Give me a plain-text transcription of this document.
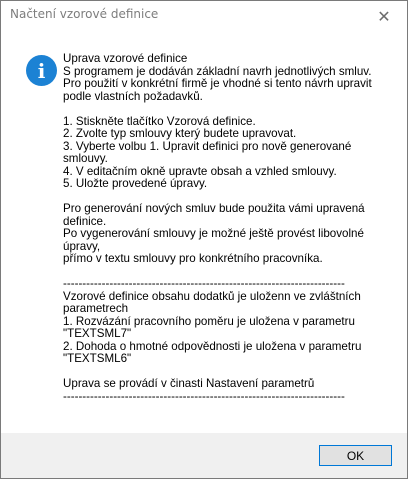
Načtení vzorové definice	✕
i Úprava vzorové definice
S programem je dodáván základní navrh jednotlivých smluv.
Pro použití v konkrétní firmě je vhodné si tento návrh upravit
podle vlastních požadavků.
1. Stiskněte tlačítko Vzorová definice.
2. Zvolte typ smlouvy který budete upravovat.
3. Vyberte volbu 1. Upravit definici pro nově generované
smlouvy.
4. V editačním okně upravte obsah a vzhled smlouvy.
5. Uložte provedené úpravy.
Pro generování nových smluv bude použita vámi upravená
definice.
Po vygenerování smlouvy je možné ještě provést libovolné
úpravy,
přímo v textu smlouvy pro konkrétního pracovníka.
-------------------------------------------------------------------------
Vzorové definice obsahu dodatků je uloženn ve zvláštních
parametrech
1. Rozvázání pracovního poměru je uložena v parametru
"TEXTSML7"
2. Dohoda o hmotné odpovědnosti je uložena v parametru
"TEXTSML6"
Úprava se provádí v činasti Nastavení parametrů
-------------------------------------------------------------------------
OK
